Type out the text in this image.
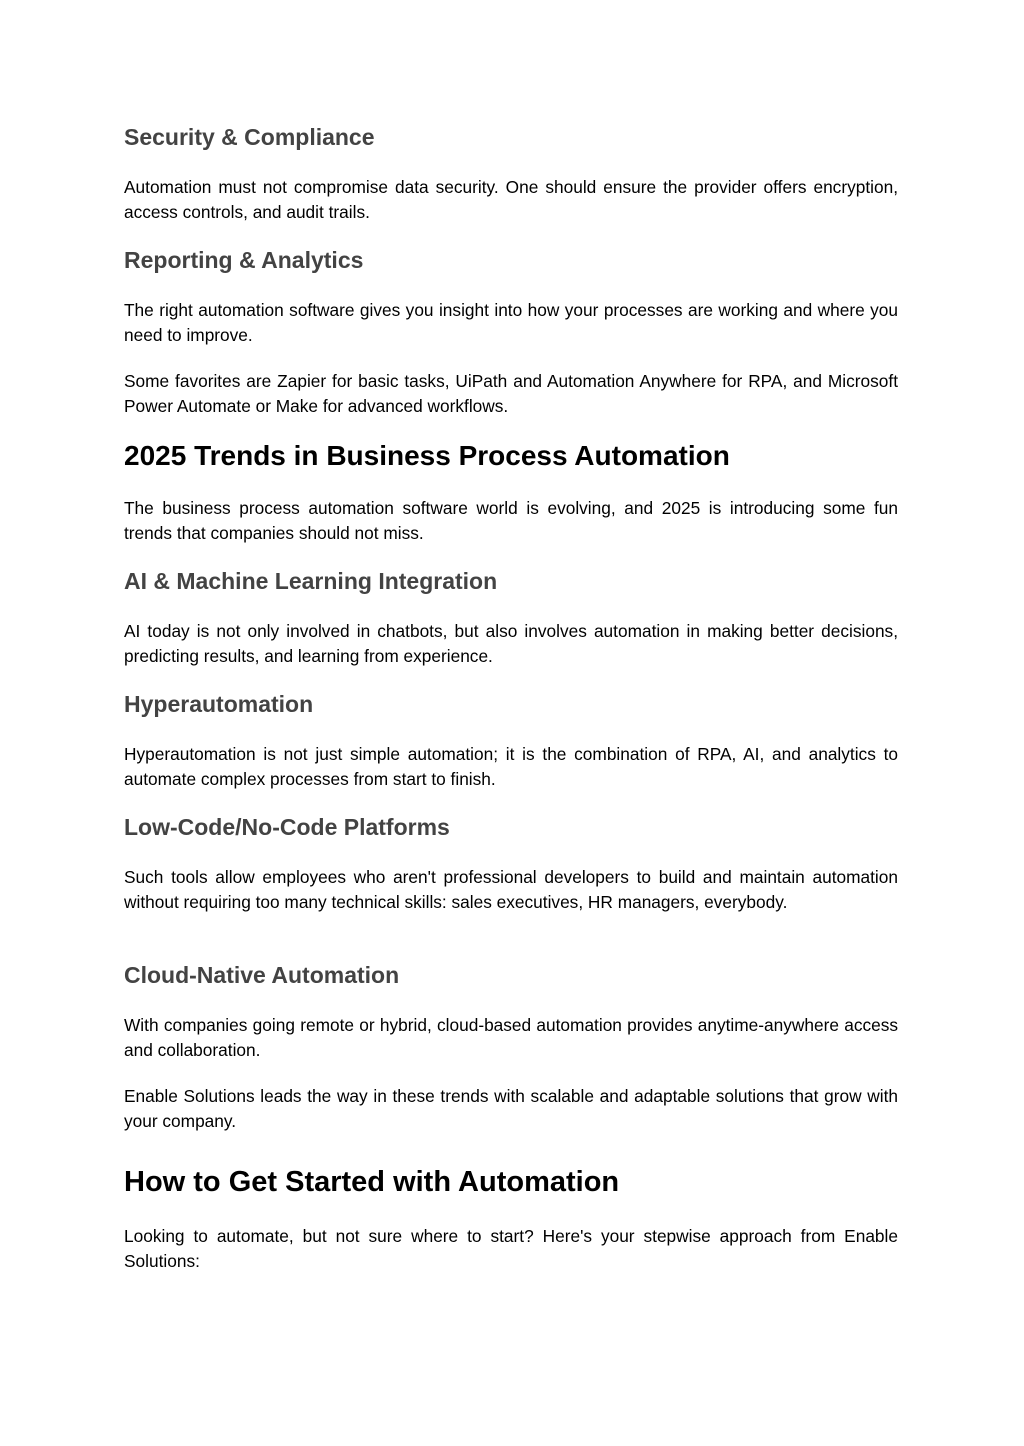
Security & Compliance

Automation must not compromise data security. One should ensure the provider offers encryption, access controls, and audit trails.

Reporting & Analytics

The right automation software gives you insight into how your processes are working and where you need to improve.

Some favorites are Zapier for basic tasks, UiPath and Automation Anywhere for RPA, and Microsoft Power Automate or Make for advanced workflows.

2025 Trends in Business Process Automation

The business process automation software world is evolving, and 2025 is introducing some fun trends that companies should not miss.

AI & Machine Learning Integration

AI today is not only involved in chatbots, but also involves automation in making better decisions, predicting results, and learning from experience.

Hyperautomation

Hyperautomation is not just simple automation; it is the combination of RPA, AI, and analytics to automate complex processes from start to finish.

Low-Code/No-Code Platforms

Such tools allow employees who aren't professional developers to build and maintain automation without requiring too many technical skills: sales executives, HR managers, everybody.

Cloud-Native Automation

With companies going remote or hybrid, cloud-based automation provides anytime-anywhere access and collaboration.

Enable Solutions leads the way in these trends with scalable and adaptable solutions that grow with your company.

How to Get Started with Automation

Looking to automate, but not sure where to start? Here's your stepwise approach from Enable Solutions:
